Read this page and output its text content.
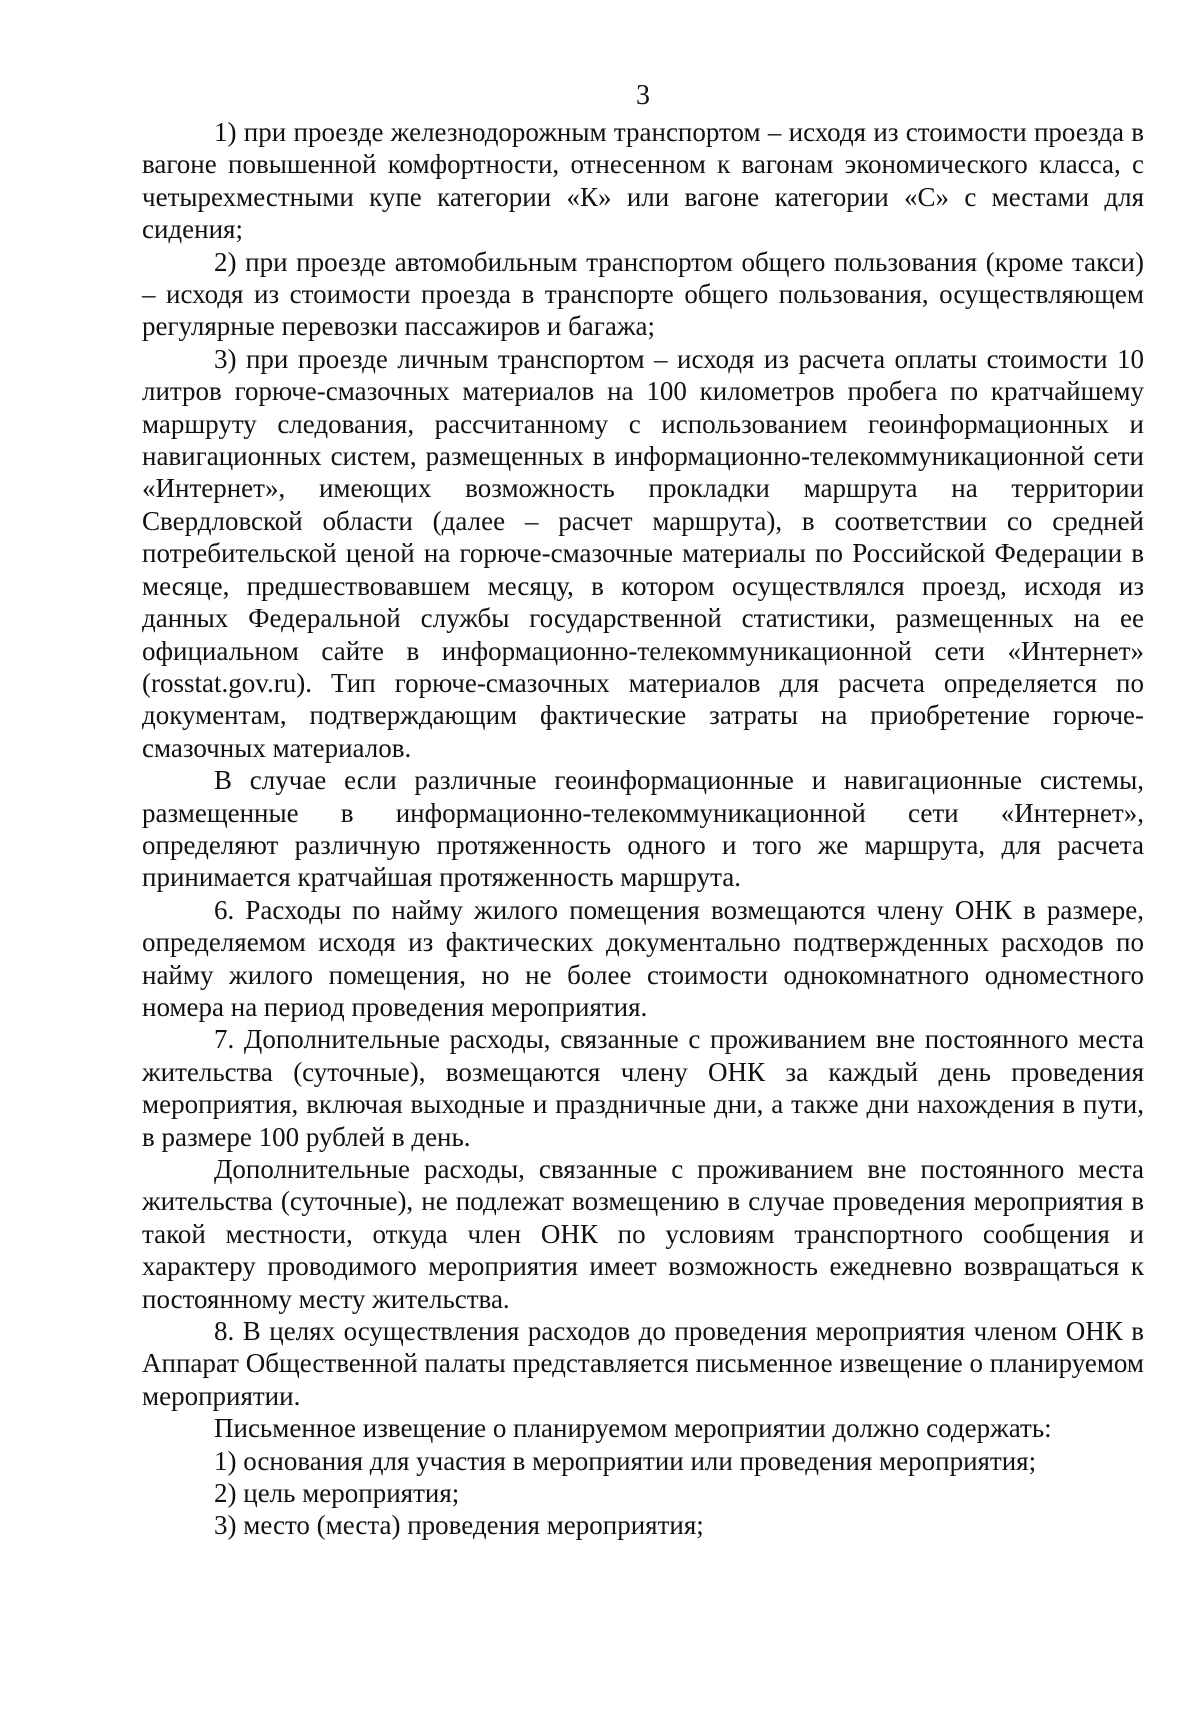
3

1) при проезде железнодорожным транспортом – исходя из стоимости проезда в вагоне повышенной комфортности, отнесенном к вагонам экономического класса, с четырехместными купе категории «К» или вагоне категории «С» с местами для сидения;

2) при проезде автомобильным транспортом общего пользования (кроме такси) – исходя из стоимости проезда в транспорте общего пользования, осуществляющем регулярные перевозки пассажиров и багажа;

3) при проезде личным транспортом – исходя из расчета оплаты стоимости 10 литров горюче-смазочных материалов на 100 километров пробега по кратчайшему маршруту следования, рассчитанному с использованием геоинформационных и навигационных систем, размещенных в информационно-телекоммуникационной сети «Интернет», имеющих возможность прокладки маршрута на территории Свердловской области (далее – расчет маршрута), в соответствии со средней потребительской ценой на горюче-смазочные материалы по Российской Федерации в месяце, предшествовавшем месяцу, в котором осуществлялся проезд, исходя из данных Федеральной службы государственной статистики, размещенных на ее официальном сайте в информационно-телекоммуникационной сети «Интернет» (rosstat.gov.ru). Тип горюче-смазочных материалов для расчета определяется по документам, подтверждающим фактические затраты на приобретение горюче-смазочных материалов.

В случае если различные геоинформационные и навигационные системы, размещенные в информационно-телекоммуникационной сети «Интернет», определяют различную протяженность одного и того же маршрута, для расчета принимается кратчайшая протяженность маршрута.

6. Расходы по найму жилого помещения возмещаются члену ОНК в размере, определяемом исходя из фактических документально подтвержденных расходов по найму жилого помещения, но не более стоимости однокомнатного одноместного номера на период проведения мероприятия.

7. Дополнительные расходы, связанные с проживанием вне постоянного места жительства (суточные), возмещаются члену ОНК за каждый день проведения мероприятия, включая выходные и праздничные дни, а также дни нахождения в пути, в размере 100 рублей в день.

Дополнительные расходы, связанные с проживанием вне постоянного места жительства (суточные), не подлежат возмещению в случае проведения мероприятия в такой местности, откуда член ОНК по условиям транспортного сообщения и характеру проводимого мероприятия имеет возможность ежедневно возвращаться к постоянному месту жительства.

8. В целях осуществления расходов до проведения мероприятия членом ОНК в Аппарат Общественной палаты представляется письменное извещение о планируемом мероприятии.

Письменное извещение о планируемом мероприятии должно содержать:

1) основания для участия в мероприятии или проведения мероприятия;

2) цель мероприятия;

3) место (места) проведения мероприятия;
